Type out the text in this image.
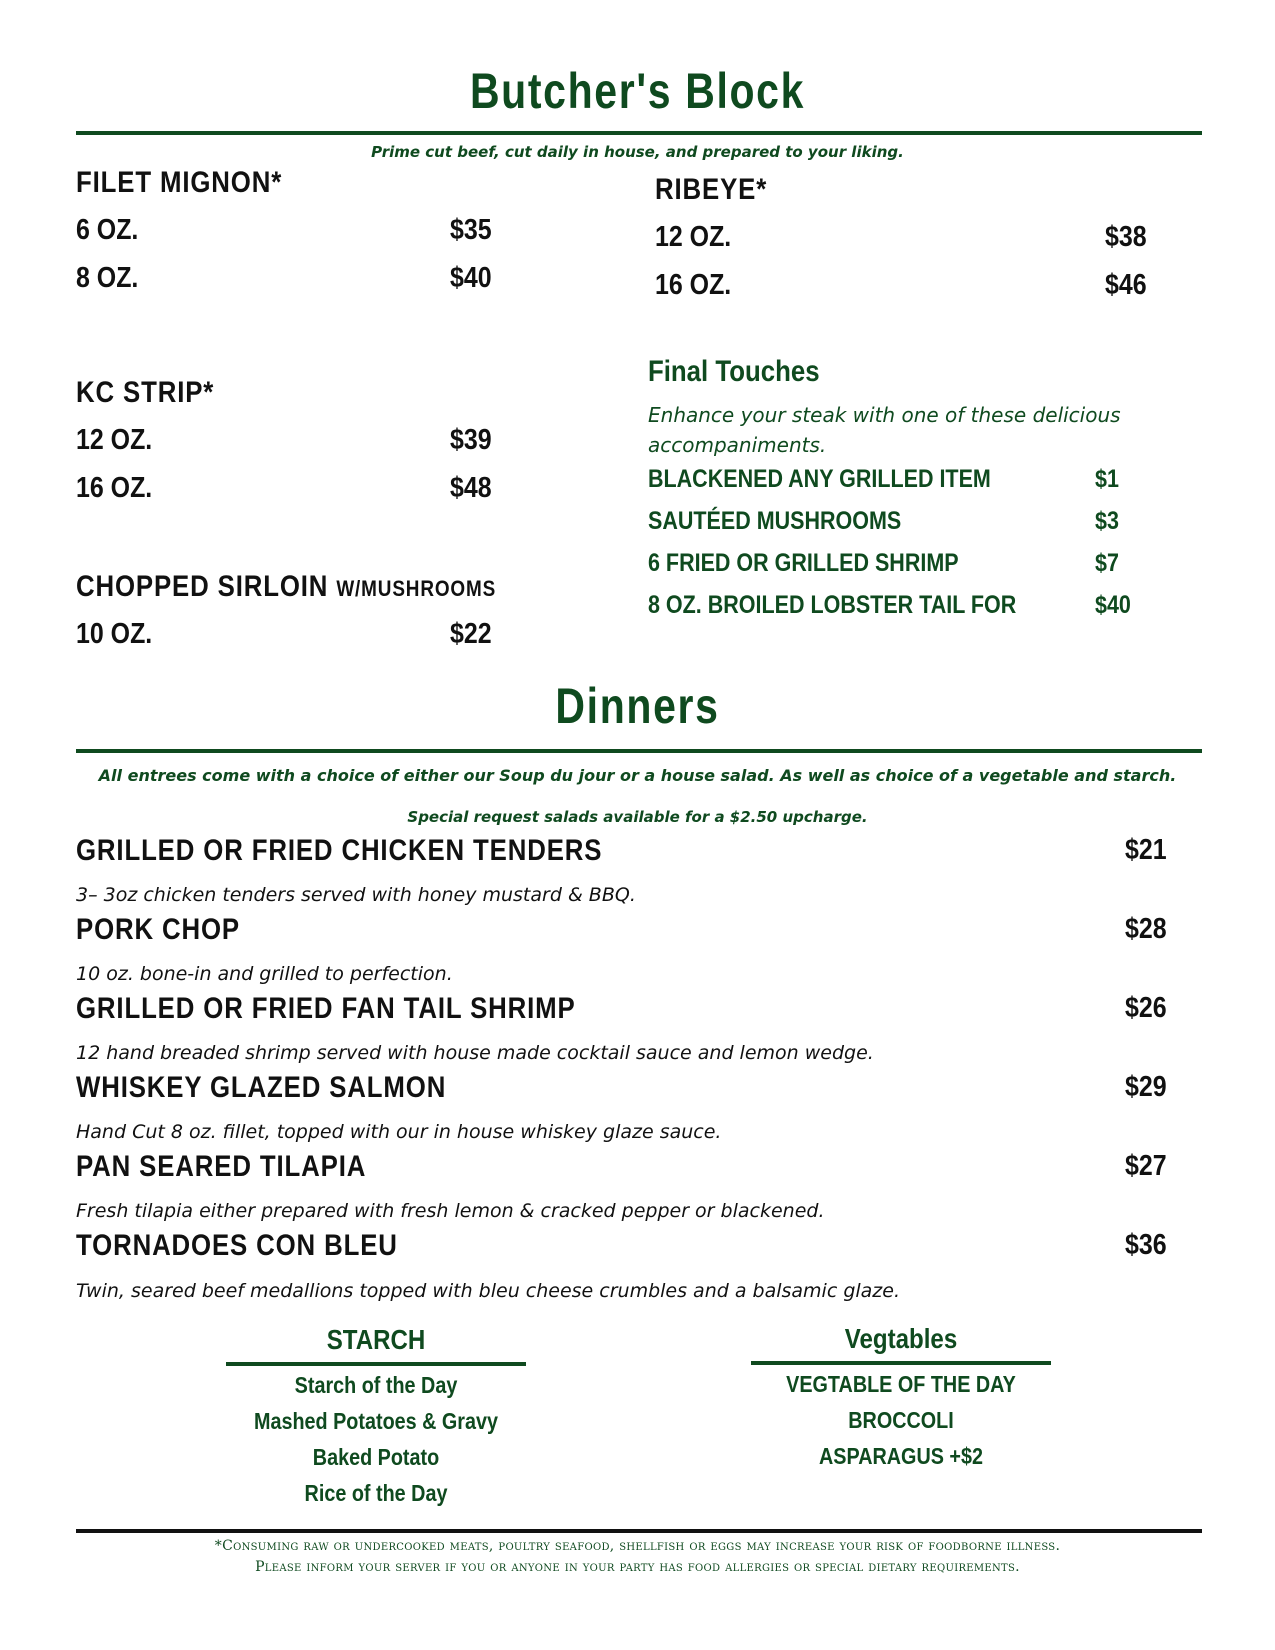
Butcher's Block
Prime cut beef, cut daily in house, and prepared to your liking.
FILET MIGNON*
6 OZ.	$35
8 OZ.	$40
RIBEYE*
12 OZ.	$38
16 OZ.	$46
KC STRIP*
12 OZ.	$39
16 OZ.	$48
CHOPPED SIRLOIN W/MUSHROOMS
10 OZ.	$22
Final Touches
Enhance your steak with one of these delicious accompaniments.
BLACKENED ANY GRILLED ITEM	$1
SAUTÉED MUSHROOMS	$3
6 FRIED OR GRILLED SHRIMP	$7
8 OZ. BROILED LOBSTER TAIL FOR	$40
Dinners
All entrees come with a choice of either our Soup du jour or a house salad. As well as choice of a vegetable and starch.
Special request salads available for a $2.50 upcharge.
GRILLED OR FRIED CHICKEN TENDERS	$21
3– 3oz chicken tenders served with honey mustard & BBQ.
PORK CHOP	$28
10 oz. bone-in and grilled to perfection.
GRILLED OR FRIED FAN TAIL SHRIMP	$26
12 hand breaded shrimp served with house made cocktail sauce and lemon wedge.
WHISKEY GLAZED SALMON	$29
Hand Cut 8 oz. fillet, topped with our in house whiskey glaze sauce.
PAN SEARED TILAPIA	$27
Fresh tilapia either prepared with fresh lemon & cracked pepper or blackened.
TORNADOES CON BLEU	$36
Twin, seared beef medallions topped with bleu cheese crumbles and a balsamic glaze.
STARCH
Starch of the Day
Mashed Potatoes & Gravy
Baked Potato
Rice of the Day
Vegtables
VEGTABLE OF THE DAY
BROCCOLI
ASPARAGUS +$2
*Consuming raw or undercooked meats, poultry seafood, shellfish or eggs may increase your risk of foodborne illness.
Please inform your server if you or anyone in your party has food allergies or special dietary requirements.
